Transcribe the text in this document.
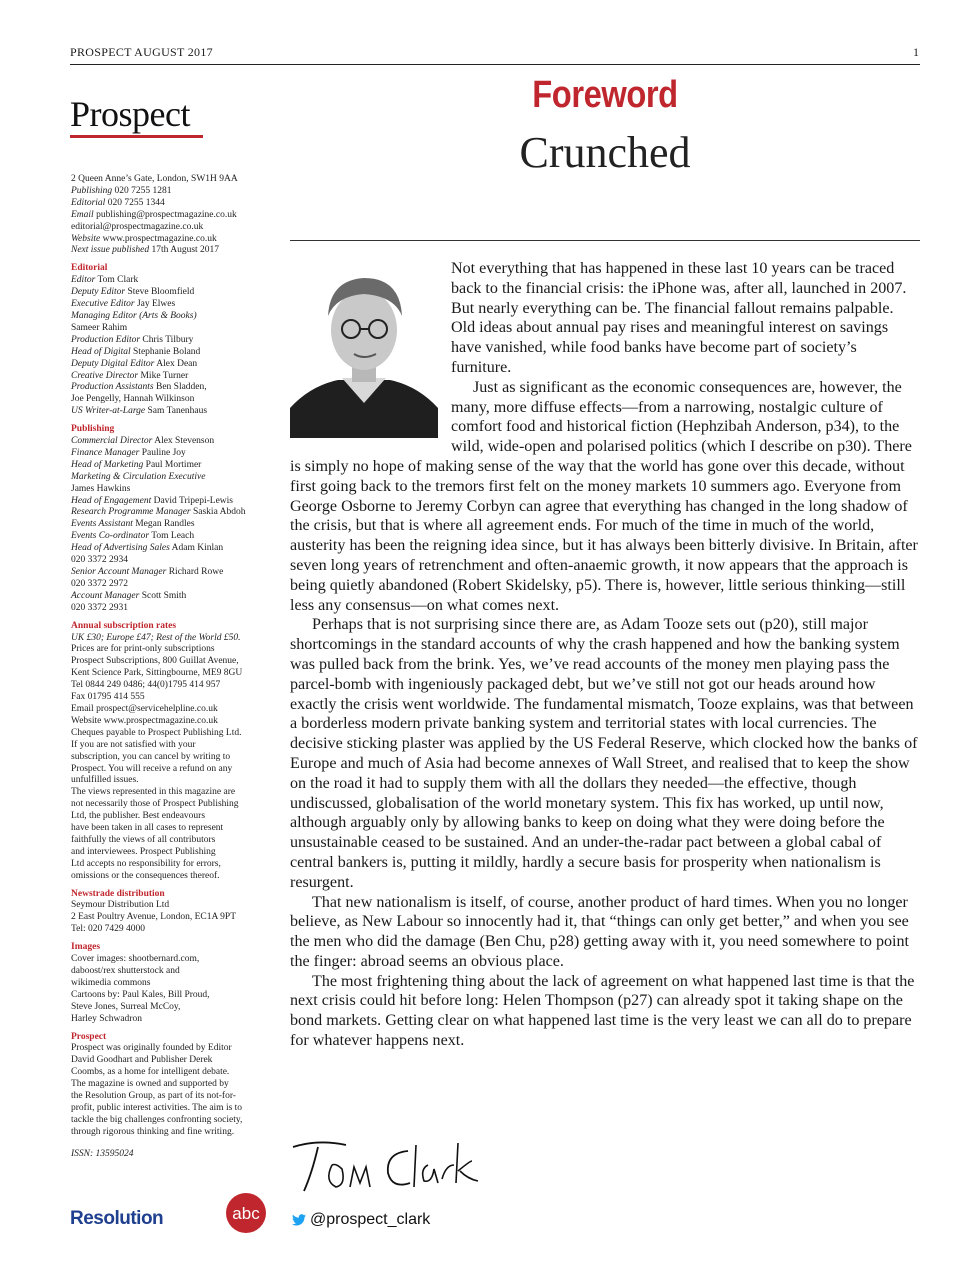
PROSPECT AUGUST 2017	1
Prospect

2 Queen Anne’s Gate, London, SW1H 9AA

Publishing 020 7255 1281

Editorial 020 7255 1344

Email publishing@prospectmagazine.co.uk

editorial@prospectmagazine.co.uk

Website www.prospectmagazine.co.uk

Next issue published 17th August 2017

Editorial

Editor Tom Clark

Deputy Editor Steve Bloomfield

Executive Editor Jay Elwes

Managing Editor (Arts & Books)

Sameer Rahim

Production Editor Chris Tilbury

Head of Digital Stephanie Boland

Deputy Digital Editor Alex Dean

Creative Director Mike Turner

Production Assistants Ben Sladden,

Joe Pengelly, Hannah Wilkinson

US Writer-at-Large Sam Tanenhaus

Publishing

Commercial Director Alex Stevenson

Finance Manager Pauline Joy

Head of Marketing Paul Mortimer

Marketing & Circulation Executive

James Hawkins

Head of Engagement David Tripepi-Lewis

Research Programme Manager Saskia Abdoh

Events Assistant Megan Randles

Events Co-ordinator Tom Leach

Head of Advertising Sales Adam Kinlan

020 3372 2934

Senior Account Manager Richard Rowe

020 3372 2972

Account Manager Scott Smith

020 3372 2931

Annual subscription rates

UK £30; Europe £47; Rest of the World £50.

Prices are for print-only subscriptions

Prospect Subscriptions, 800 Guillat Avenue,

Kent Science Park, Sittingbourne, ME9 8GU

Tel 0844 249 0486; 44(0)1795 414 957

Fax 01795 414 555

Email prospect@servicehelpline.co.uk

Website www.prospectmagazine.co.uk

Cheques payable to Prospect Publishing Ltd.

If you are not satisfied with your

subscription, you can cancel by writing to

Prospect. You will receive a refund on any

unfulfilled issues.

The views represented in this magazine are

not necessarily those of Prospect Publishing

Ltd, the publisher. Best endeavours

have been taken in all cases to represent

faithfully the views of all contributors

and interviewees. Prospect Publishing

Ltd accepts no responsibility for errors,

omissions or the consequences thereof.

Newstrade distribution

Seymour Distribution Ltd

2 East Poultry Avenue, London, EC1A 9PT

Tel: 020 7429 4000

Images

Cover images: shootbernard.com,

daboost/rex shutterstock and

wikimedia commons

Cartoons by: Paul Kales, Bill Proud,

Steve Jones, Surreal McCoy,

Harley Schwadron

Prospect

Prospect was originally founded by Editor

David Goodhart and Publisher Derek

Coombs, as a home for intelligent debate.

The magazine is owned and supported by

the Resolution Group, as part of its not-for-

profit, public interest activities. The aim is to

tackle the big challenges confronting society,

through rigorous thinking and fine writing.

ISSN: 13595024

Foreword
Crunched

Not everything that has happened in these last 10 years can be traced back to the financial crisis: the iPhone was, after all, launched in 2007. But nearly everything can be. The financial fallout remains palpable. Old ideas about annual pay rises and meaningful interest on savings have vanished, while food banks have become part of society’s furniture.

Just as significant as the economic consequences are, however, the many, more diffuse effects—from a narrowing, nostalgic culture of comfort food and historical fiction (Hephzibah Anderson, p34), to the wild, wide-open and polarised politics (which I describe on p30). There is simply no hope of making sense of the way that the world has gone over this decade, without first going back to the tremors first felt on the money markets 10 summers ago. Everyone from George Osborne to Jeremy Corbyn can agree that everything has changed in the long shadow of the crisis, but that is where all agreement ends. For much of the time in much of the world, austerity has been the reigning idea since, but it has always been bitterly divisive. In Britain, after seven long years of retrenchment and often-anaemic growth, it now appears that the approach is being quietly abandoned (Robert Skidelsky, p5). There is, however, little serious thinking—still less any consensus—on what comes next.

Perhaps that is not surprising since there are, as Adam Tooze sets out (p20), still major shortcomings in the standard accounts of why the crash happened and how the banking system was pulled back from the brink. Yes, we’ve read accounts of the money men playing pass the parcel-bomb with ingeniously packaged debt, but we’ve still not got our heads around how exactly the crisis went worldwide. The fundamental mismatch, Tooze explains, was that between a borderless modern private banking system and territorial states with local currencies. The decisive sticking plaster was applied by the US Federal Reserve, which clocked how the banks of Europe and much of Asia had become annexes of Wall Street, and realised that to keep the show on the road it had to supply them with all the dollars they needed—the effective, though undiscussed, globalisation of the world monetary system. This fix has worked, up until now, although arguably only by allowing banks to keep on doing what they were doing before the unsustainable ceased to be sustained. And an under-the-radar pact between a global cabal of central bankers is, putting it mildly, hardly a secure basis for prosperity when nationalism is resurgent.

That new nationalism is itself, of course, another product of hard times. When you no longer believe, as New Labour so innocently had it, that “things can only get better,” and when you see the men who did the damage (Ben Chu, p28) getting away with it, you need somewhere to point the finger: abroad seems an obvious place.

The most frightening thing about the lack of agreement on what happened last time is that the next crisis could hit before long: Helen Thompson (p27) can already spot it taking shape on the bond markets. Getting clear on what happened last time is the very least we can all do to prepare for whatever happens next.

@prospect_clark
Resolution	abc
